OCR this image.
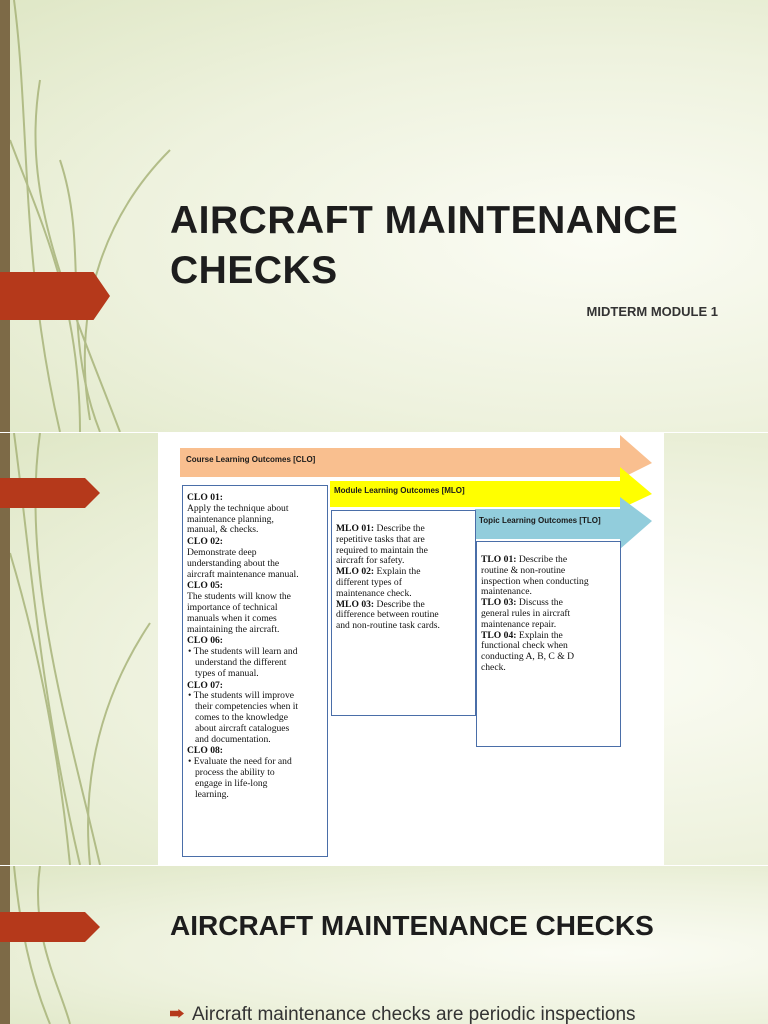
AIRCRAFT MAINTENANCE
CHECKS
MIDTERM MODULE 1
Course Learning Outcomes [CLO]
Module Learning Outcomes [MLO]
Topic Learning Outcomes [TLO]
CLO 01:
Apply the technique about
maintenance planning,
manual, & checks.
CLO 02:
Demonstrate deep
understanding about the
aircraft maintenance manual.
CLO 05:
The students will know the
importance of technical
manuals when it comes
maintaining the aircraft.
CLO 06:
• The students will learn and
understand the different
types of manual.
CLO 07:
• The students will improve
their competencies when it
comes to the knowledge
about aircraft catalogues
and documentation.
CLO 08:
• Evaluate the need for and
process the ability to
engage in life-long
learning.
MLO 01: Describe the
repetitive tasks that are
required to maintain the
aircraft for safety.
MLO 02: Explain the
different types of
maintenance check.
MLO 03: Describe the
difference between routine
and non-routine task cards.
TLO 01: Describe the
routine & non-routine
inspection when conducting
maintenance.
TLO 03: Discuss the
general rules in aircraft
maintenance repair.
TLO 04: Explain the
functional check when
conducting A, B, C & D
check.
AIRCRAFT MAINTENANCE CHECKS

Aircraft maintenance checks are periodic inspections
